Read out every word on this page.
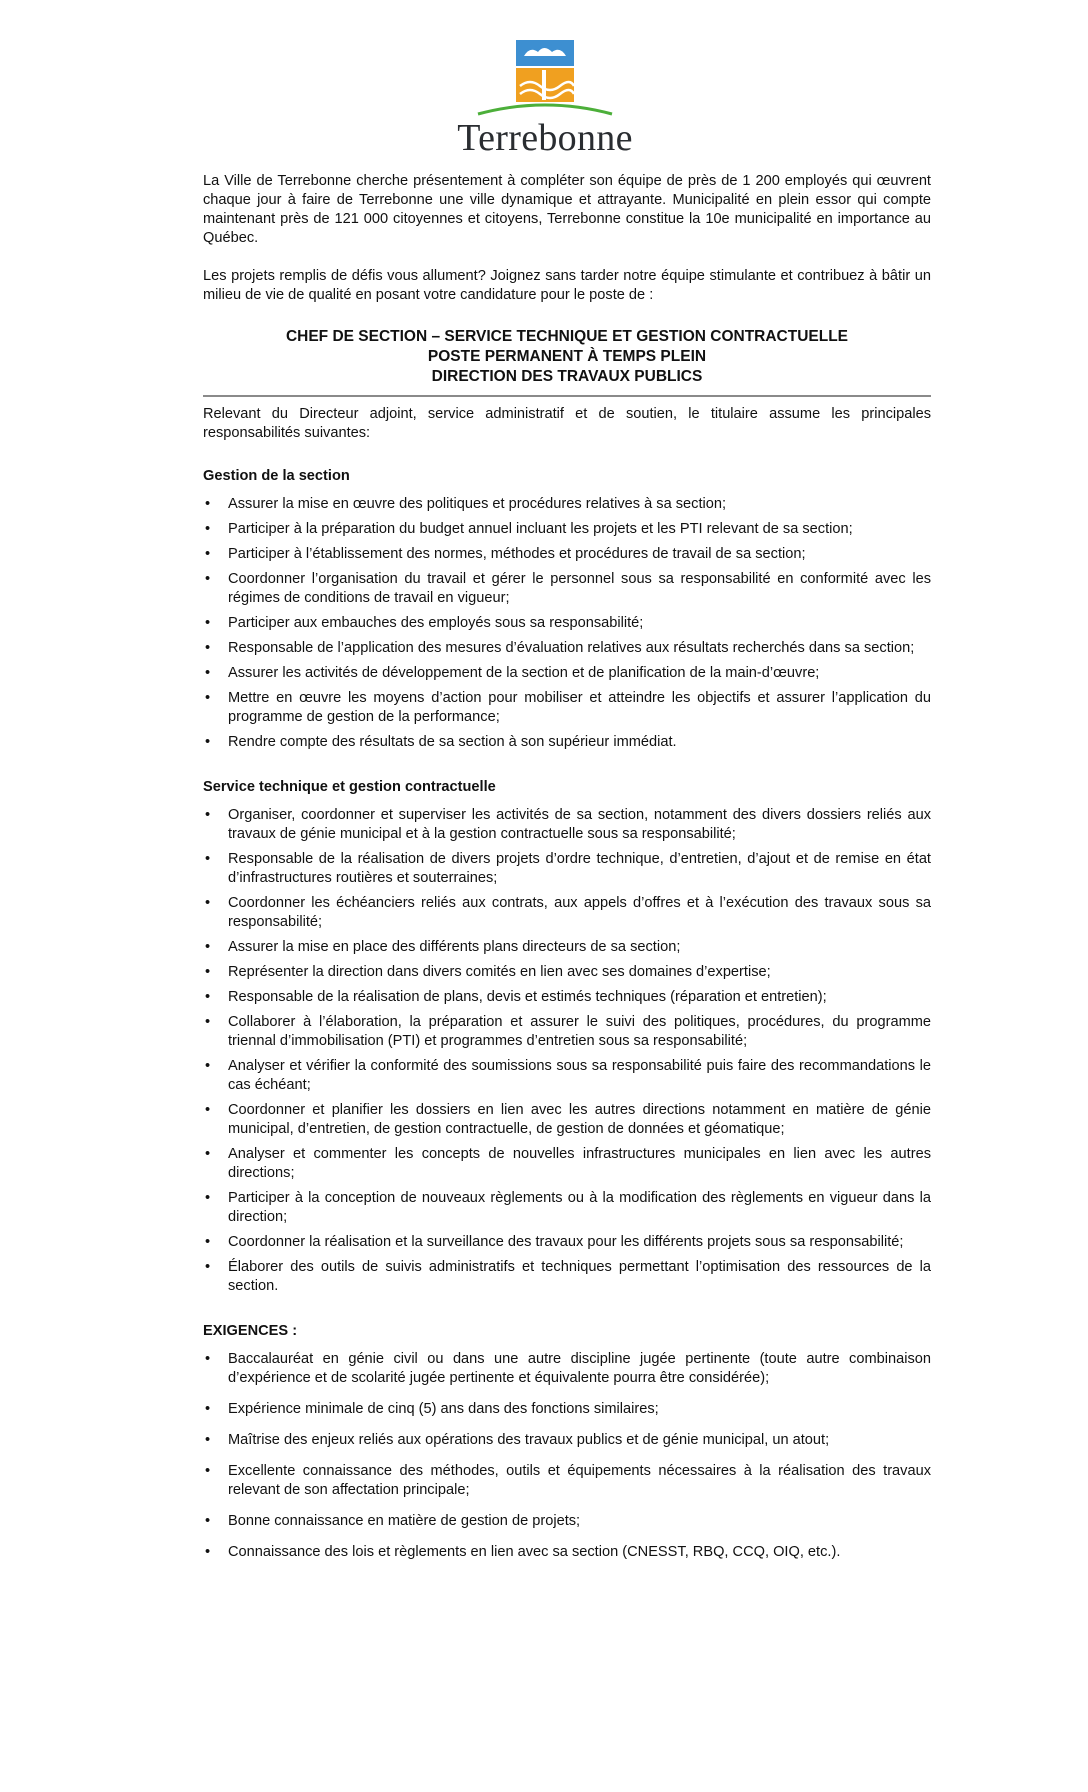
Terrebonne

La Ville de Terrebonne cherche présentement à compléter son équipe de près de 1 200 employés qui œuvrent chaque jour à faire de Terrebonne une ville dynamique et attrayante. Municipalité en plein essor qui compte maintenant près de 121 000 citoyennes et citoyens, Terrebonne constitue la 10e municipalité en importance au Québec.

Les projets remplis de défis vous allument? Joignez sans tarder notre équipe stimulante et contribuez à bâtir un milieu de vie de qualité en posant votre candidature pour le poste de :

CHEF DE SECTION – SERVICE TECHNIQUE ET GESTION CONTRACTUELLE
POSTE PERMANENT À TEMPS PLEIN
DIRECTION DES TRAVAUX PUBLICS

Relevant du Directeur adjoint, service administratif et de soutien, le titulaire assume les principales responsabilités suivantes:

Gestion de la section
• Assurer la mise en œuvre des politiques et procédures relatives à sa section;
• Participer à la préparation du budget annuel incluant les projets et les PTI relevant de sa section;
• Participer à l’établissement des normes, méthodes et procédures de travail de sa section;
• Coordonner l’organisation du travail et gérer le personnel sous sa responsabilité en conformité avec les régimes de conditions de travail en vigueur;
• Participer aux embauches des employés sous sa responsabilité;
• Responsable de l’application des mesures d’évaluation relatives aux résultats recherchés dans sa section;
• Assurer les activités de développement de la section et de planification de la main-d’œuvre;
• Mettre en œuvre les moyens d’action pour mobiliser et atteindre les objectifs et assurer l’application du programme de gestion de la performance;
• Rendre compte des résultats de sa section à son supérieur immédiat.
Service technique et gestion contractuelle
• Organiser, coordonner et superviser les activités de sa section, notamment des divers dossiers reliés aux travaux de génie municipal et à la gestion contractuelle sous sa responsabilité;
• Responsable de la réalisation de divers projets d’ordre technique, d’entretien, d’ajout et de remise en état d’infrastructures routières et souterraines;
• Coordonner les échéanciers reliés aux contrats, aux appels d’offres et à l’exécution des travaux sous sa responsabilité;
• Assurer la mise en place des différents plans directeurs de sa section;
• Représenter la direction dans divers comités en lien avec ses domaines d’expertise;
• Responsable de la réalisation de plans, devis et estimés techniques (réparation et entretien);
• Collaborer à l’élaboration, la préparation et assurer le suivi des politiques, procédures, du programme triennal d’immobilisation (PTI) et programmes d’entretien sous sa responsabilité;
• Analyser et vérifier la conformité des soumissions sous sa responsabilité puis faire des recommandations le cas échéant;
• Coordonner et planifier les dossiers en lien avec les autres directions notamment en matière de génie municipal, d’entretien, de gestion contractuelle, de gestion de données et géomatique;
• Analyser et commenter les concepts de nouvelles infrastructures municipales en lien avec les autres directions;
• Participer à la conception de nouveaux règlements ou à la modification des règlements en vigueur dans la direction;
• Coordonner la réalisation et la surveillance des travaux pour les différents projets sous sa responsabilité;
• Élaborer des outils de suivis administratifs et techniques permettant l’optimisation des ressources de la section.
EXIGENCES :
• Baccalauréat en génie civil ou dans une autre discipline jugée pertinente (toute autre combinaison d’expérience et de scolarité jugée pertinente et équivalente pourra être considérée);
• Expérience minimale de cinq (5) ans dans des fonctions similaires;
• Maîtrise des enjeux reliés aux opérations des travaux publics et de génie municipal, un atout;
• Excellente connaissance des méthodes, outils et équipements nécessaires à la réalisation des travaux relevant de son affectation principale;
• Bonne connaissance en matière de gestion de projets;
• Connaissance des lois et règlements en lien avec sa section (CNESST, RBQ, CCQ, OIQ, etc.).
